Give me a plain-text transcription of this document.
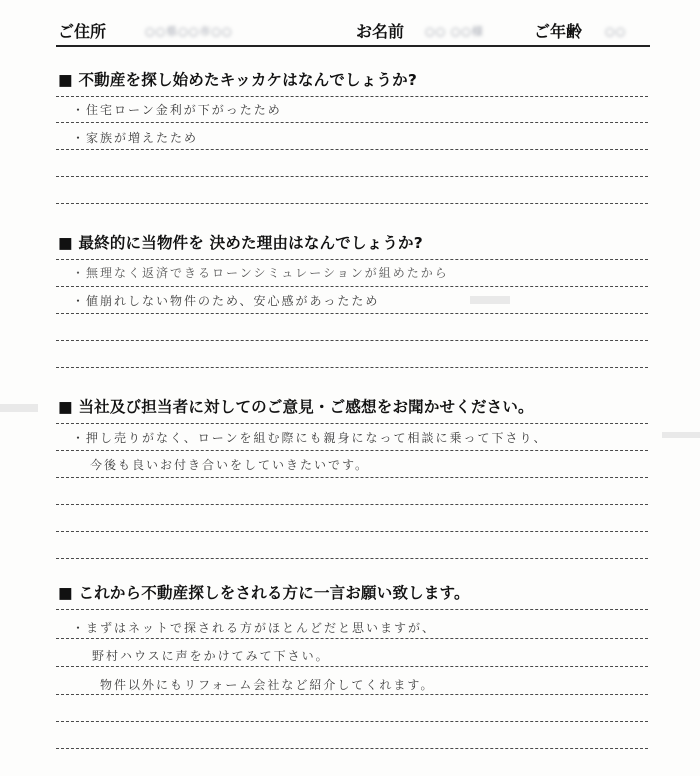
ご住所	○○県○○市○○	お名前 ○○ ○○様	ご年齢 ○○
■ 不動産を探し始めたキッカケはなんでしょうか?
・住宅ローン金利が下がったため
・家族が増えたため
■ 最終的に当物件を 決めた理由はなんでしょうか?
・無理なく返済できるローンシミュレーションが組めたから
・値崩れしない物件のため、安心感があったため
■ 当社及び担当者に対してのご意見・ご感想をお聞かせください。
・押し売りがなく、ローンを組む際にも親身になって相談に乗って下さり、
今後も良いお付き合いをしていきたいです。
■ これから不動産探しをされる方に一言お願い致します。
・まずはネットで探される方がほとんどだと思いますが、
野村ハウスに声をかけてみて下さい。
物件以外にもリフォーム会社など紹介してくれます。
